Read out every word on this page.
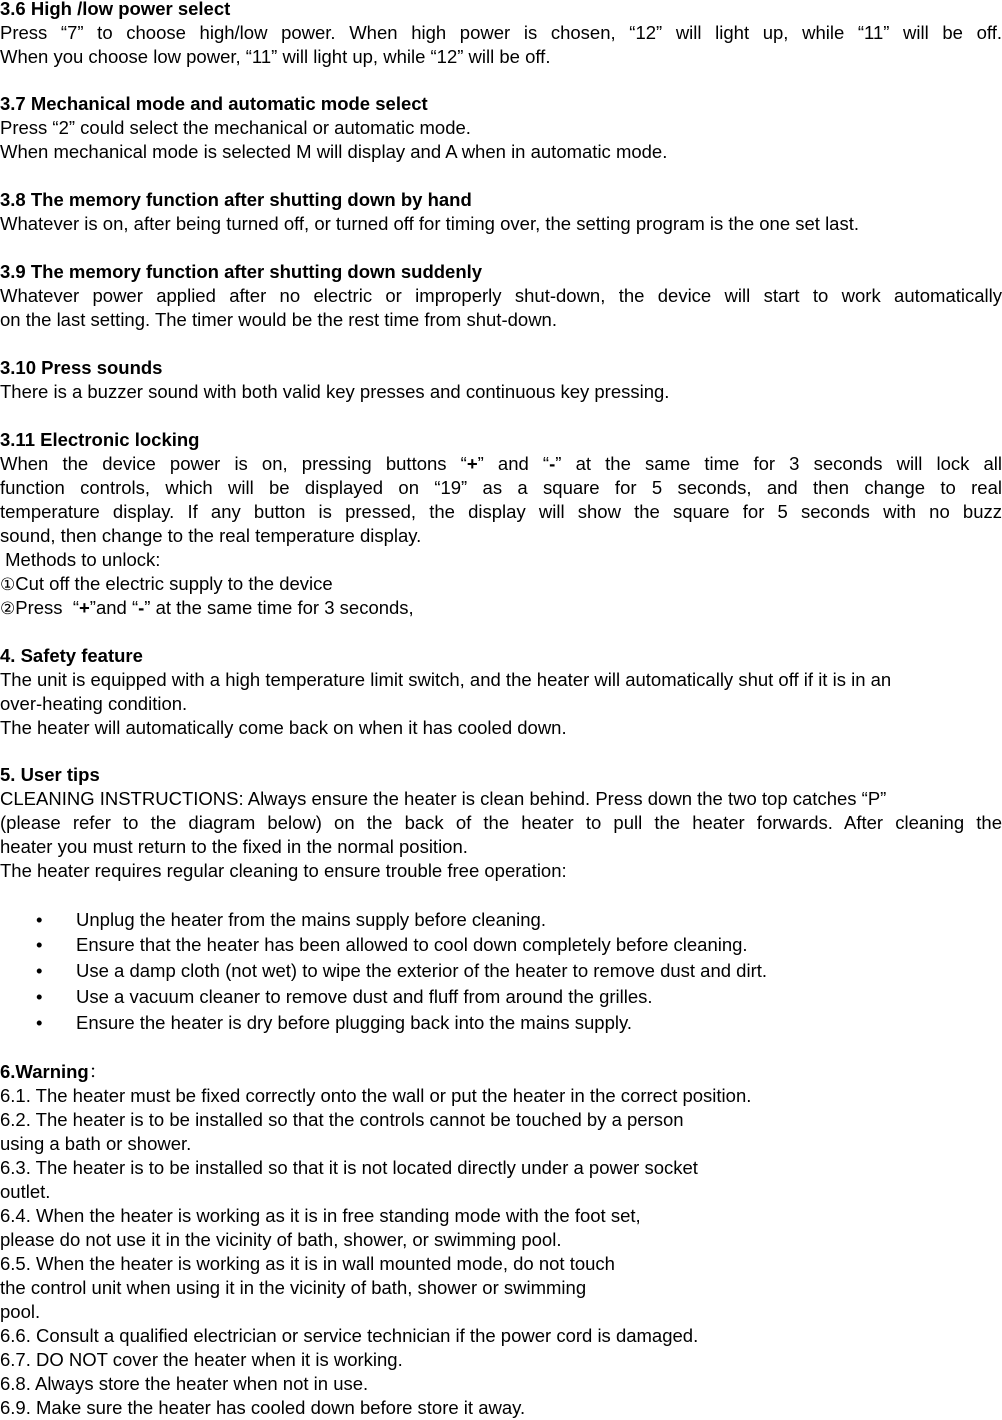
3.6 High /low power select
Press “7” to choose high/low power. When high power is chosen, “12” will light up, while “11” will be off.
When you choose low power, “11” will light up, while “12” will be off.
3.7 Mechanical mode and automatic mode select
Press “2” could select the mechanical or automatic mode.
When mechanical mode is selected M will display and A when in automatic mode.
3.8 The memory function after shutting down by hand
Whatever is on, after being turned off, or turned off for timing over, the setting program is the one set last.
3.9 The memory function after shutting down suddenly
Whatever power applied after no electric or improperly shut-down, the device will start to work automatically
on the last setting. The timer would be the rest time from shut-down.
3.10 Press sounds
There is a buzzer sound with both valid key presses and continuous key pressing.
3.11 Electronic locking
When the device power is on, pressing buttons “+” and “-” at the same time for 3 seconds will lock all
function controls, which will be displayed on “19” as a square for 5 seconds, and then change to real
temperature display. If any button is pressed, the display will show the square for 5 seconds with no buzz
sound, then change to the real temperature display.
Methods to unlock:
①Cut off the electric supply to the device
②Press  “+”and “-” at the same time for 3 seconds,
4. Safety feature
The unit is equipped with a high temperature limit switch, and the heater will automatically shut off if it is in an
over-heating condition.
The heater will automatically come back on when it has cooled down.
5. User tips
CLEANING INSTRUCTIONS: Always ensure the heater is clean behind. Press down the two top catches “P”
(please refer to the diagram below) on the back of the heater to pull the heater forwards. After cleaning the
heater you must return to the fixed in the normal position.
The heater requires regular cleaning to ensure trouble free operation:
• Unplug the heater from the mains supply before cleaning.
• Ensure that the heater has been allowed to cool down completely before cleaning.
• Use a damp cloth (not wet) to wipe the exterior of the heater to remove dust and dirt.
• Use a vacuum cleaner to remove dust and fluff from around the grilles.
• Ensure the heater is dry before plugging back into the mains supply.
6.Warning：
6.1. The heater must be fixed correctly onto the wall or put the heater in the correct position.
6.2. The heater is to be installed so that the controls cannot be touched by a person
using a bath or shower.
6.3. The heater is to be installed so that it is not located directly under a power socket
outlet.
6.4. When the heater is working as it is in free standing mode with the foot set,
please do not use it in the vicinity of bath, shower, or swimming pool.
6.5. When the heater is working as it is in wall mounted mode, do not touch
the control unit when using it in the vicinity of bath, shower or swimming
pool.
6.6. Consult a qualified electrician or service technician if the power cord is damaged.
6.7. DO NOT cover the heater when it is working.
6.8. Always store the heater when not in use.
6.9. Make sure the heater has cooled down before store it away.
